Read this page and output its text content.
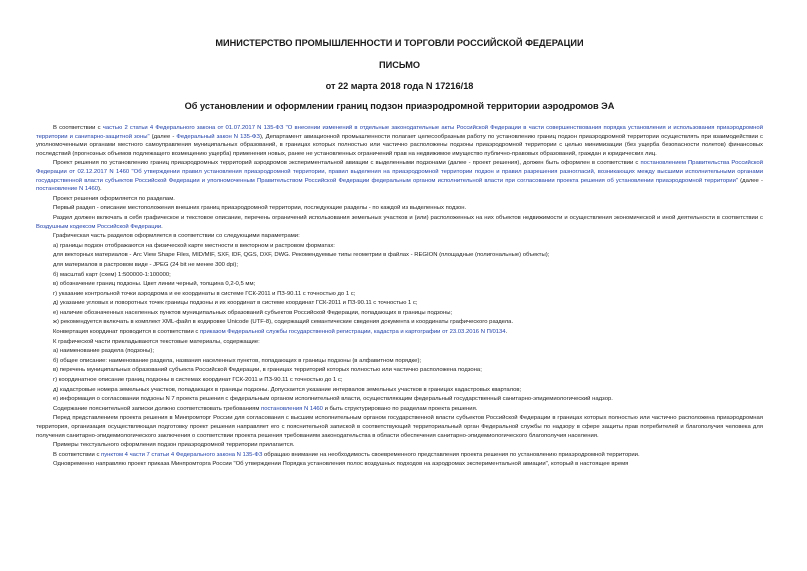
МИНИСТЕРСТВО ПРОМЫШЛЕННОСТИ И ТОРГОВЛИ РОССИЙСКОЙ ФЕДЕРАЦИИ
ПИСЬМО
от 22 марта 2018 года N 17216/18
Об установлении и оформлении границ подзон приаэродромной территории аэродромов ЭА

В соответствии с частью 2 статьи 4 Федерального закона от 01.07.2017 N 135-ФЗ "О внесении изменений в отдельные законодательные акты Российской Федерации в части совершенствования порядка установления и использования приаэродромной территории и санитарно-защитной зоны" (далее - Федеральный закон N 135-ФЗ), Департамент авиационной промышленности полагает целесообразным работу по установлению границ подзон приаэродромной территории осуществлять при взаимодействии с уполномоченными органами местного самоуправления муниципальных образований, в границах которых полностью или частично расположены подзоны приаэродромной территории с целью минимизации (без ущерба безопасности полетов) финансовых последствий (прогнозных объемов подлежащего возмещению ущерба) применения новых, ранее не установленных ограничений прав на недвижимое имущество публично-правовых образований, граждан и юридических лиц.

Проект решения по установлению границ приаэродромных территорий аэродромов экспериментальной авиации с выделенными подзонами (далее - проект решения), должен быть оформлен в соответствии с постановлением Правительства Российской Федерации от 02.12.2017 N 1460 "Об утверждении правил установления приаэродромной территории, правил выделения на приаэродромной территории подзон и правил разрешения разногласий, возникающих между высшими исполнительными органами государственной власти субъектов Российской Федерации и уполномоченным Правительством Российской Федерации федеральным органом исполнительной власти при согласовании проекта решения об установлении приаэродромной территории" (далее - постановление N 1460).

Проект решения оформляется по разделам.

Первый раздел - описание местоположения внешних границ приаэродромной территории, последующие разделы - по каждой из выделенных подзон.

Раздел должен включать в себя графическое и текстовое описание, перечень ограничений использования земельных участков и (или) расположенных на них объектов недвижимости и осуществления экономической и иной деятельности в соответствии с Воздушным кодексом Российской Федерации.

Графическая часть разделов оформляется в соответствии со следующими параметрами:

а) границы подзон отображаются на физической карте местности в векторном и растровом форматах:

для векторных материалов - Arc View Shape Files, MID/MIF, SXF, IDF, QGS, DXF, DWG. Рекомендуемые типы геометрии в файлах - REGION (площадные (полигональные) объекты);

для материалов в растровом виде - JPEG (24 bit не менее 300 dpi);

б) масштаб карт (схем) 1:500000-1:100000;

в) обозначение границ подзоны. Цвет линии черный, толщина 0,2-0,5 мм;

г) указание контрольной точки аэродрома и ее координаты в системе ГСК-2011 и ПЗ-90.11 с точностью до 1 с;

д) указание угловых и поворотных точек границы подзоны и их координат в системе координат ГСК-2011 и ПЗ-90.11 с точностью 1 с;

е) наличие обозначенных населенных пунктов муниципальных образований субъектов Российской Федерации, попадающих в границы подзоны;

ж) рекомендуется включать в комплект XML-файл в кодировке Unicode (UTF-8), содержащий семантические сведения документа и координаты графического раздела.

Конвертация координат проводится в соответствии с приказом Федеральной службы государственной регистрации, кадастра и картографии от 23.03.2016 N П/0134.

К графической части прикладываются текстовые материалы, содержащие:

а) наименование раздела (подзоны);

б) общее описание: наименование раздела, названия населенных пунктов, попадающих в границы подзоны (в алфавитном порядке);

в) перечень муниципальных образований субъекта Российской Федерации, в границах территорий которых полностью или частично расположена подзона;

г) координатное описание границ подзоны в системах координат ГСК-2011 и ПЗ-90.11 с точностью до 1 с;

д) кадастровые номера земельных участков, попадающих в границы подзоны. Допускается указание интервалов земельных участков в границах кадастровых кварталов;

е) информация о согласовании подзоны N 7 проекта решения с федеральным органом исполнительной власти, осуществляющим федеральный государственный санитарно-эпидемиологический надзор.

Содержание пояснительной записки должно соответствовать требованиям постановления N 1460 и быть структурировано по разделам проекта решения.

Перед представлением проекта решения в Минпромторг России для согласования с высшим исполнительным органом государственной власти субъектов Российской Федерации в границах которых полностью или частично расположена приаэродромная территория, организация осуществляющая подготовку проект решения направляет его с пояснительной запиской в соответствующий территориальный орган Федеральной службы по надзору в сфере защиты прав потребителей и благополучия человека для получения санитарно-эпидемиологического заключения о соответствии проекта решения требованиям законодательства в области обеспечения санитарно-эпидемиологического благополучия населения.

Примеры текстуального оформления подзон приаэродромной территории прилагается.

В соответствии с пунктом 4 части 7 статьи 4 Федерального закона N 135-ФЗ обращаю внимание на необходимость своевременного представления проекта решения по установлению приаэродромной территории.

Одновременно направляю проект приказа Минпромторга России "Об утверждении Порядка установления полос воздушных подходов на аэродромах экспериментальной авиации", который в настоящее время
